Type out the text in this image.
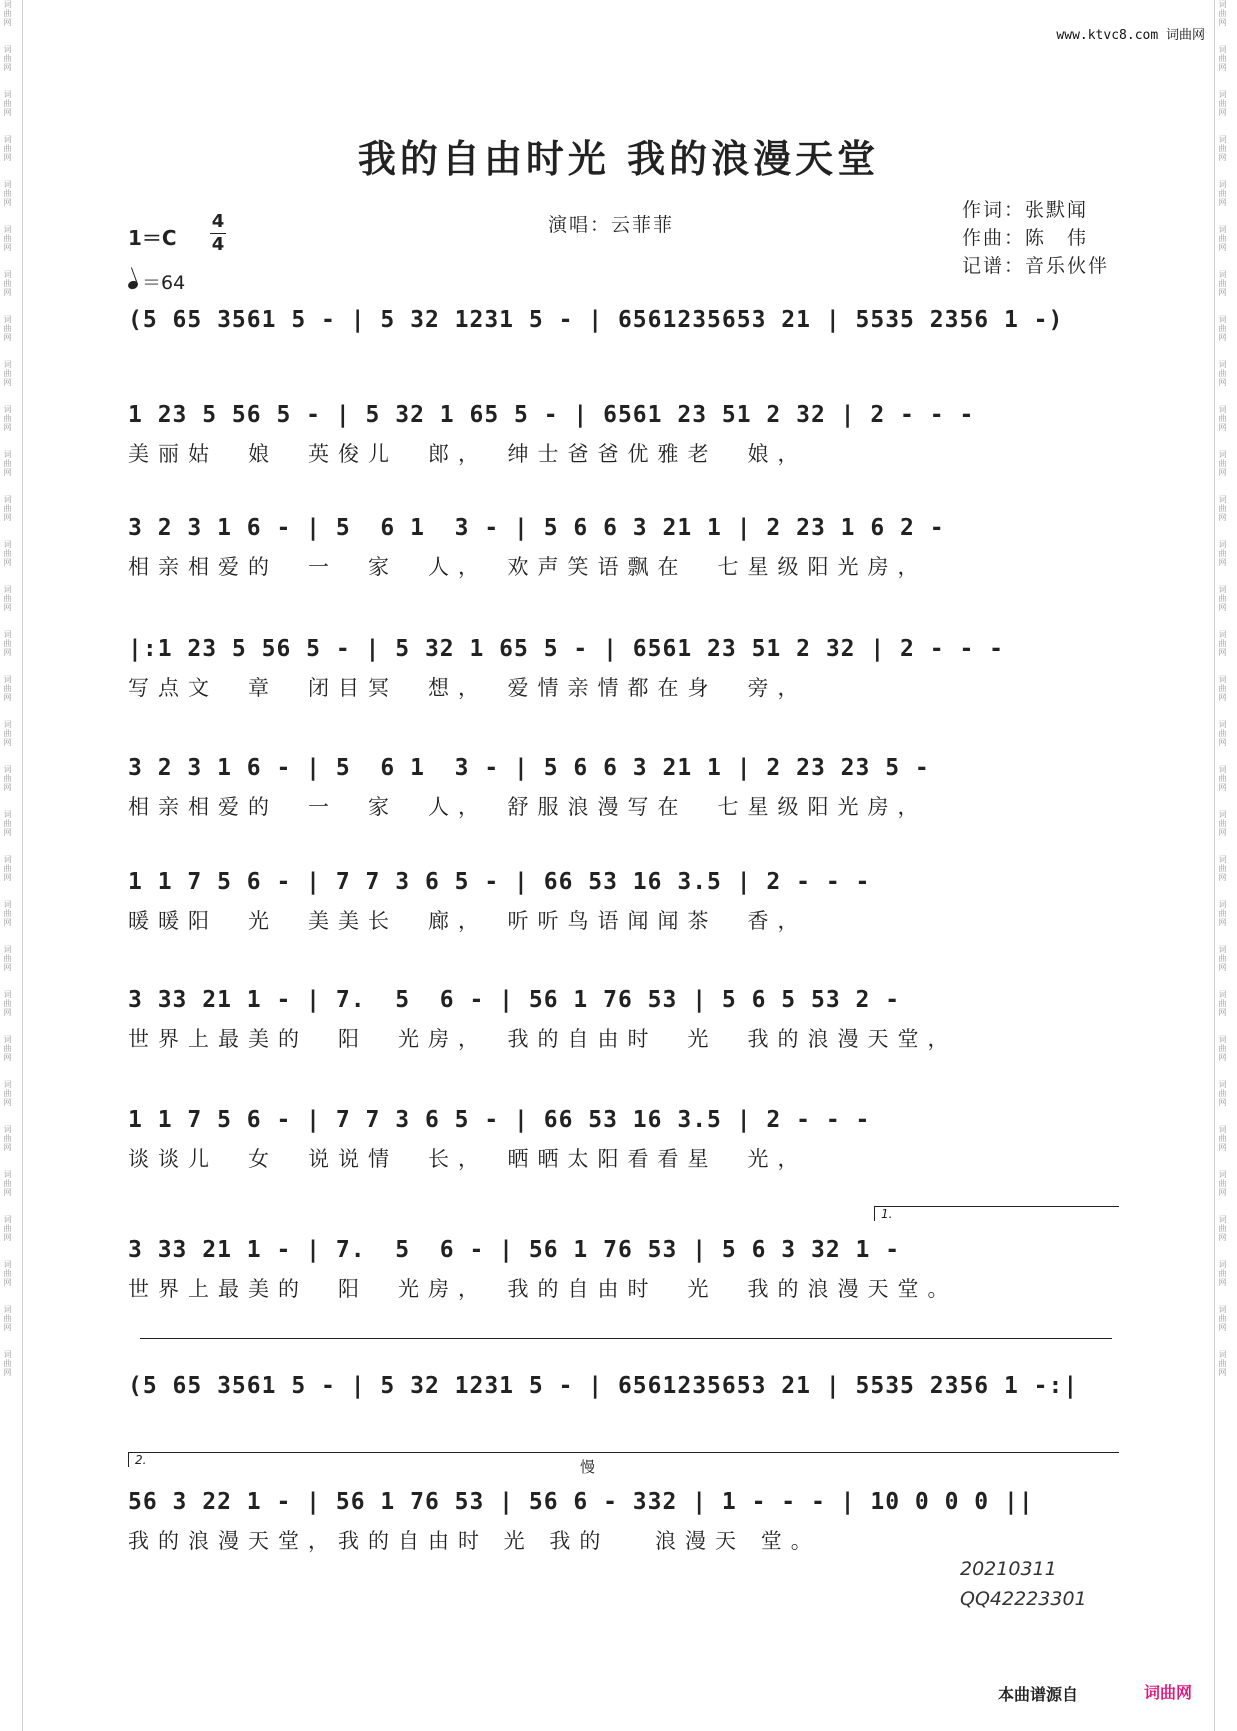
词曲网
词曲网
词曲网
词曲网
词曲网
词曲网
词曲网
词曲网
词曲网
词曲网
词曲网
词曲网
词曲网
词曲网
词曲网
词曲网
词曲网
词曲网
词曲网
词曲网
词曲网
词曲网
词曲网
词曲网
词曲网
词曲网
词曲网
词曲网
词曲网
词曲网
词曲网
词曲网
词曲网
词曲网
词曲网
词曲网
词曲网
词曲网
词曲网
词曲网
词曲网
词曲网
词曲网
词曲网
词曲网
词曲网
词曲网
词曲网
词曲网
词曲网
词曲网
词曲网
词曲网
词曲网
词曲网
词曲网
词曲网
词曲网
词曲网
词曲网
词曲网
词曲网
www.ktvc8.com 词曲网
我的自由时光 我的浪漫天堂
1＝C
4
4
＝64
演唱：云菲菲
作词：张默闻
作曲：陈　伟
记谱：音乐伙伴
(5 65 3561 5 - | 5 32 1231 5 - | 6561235653 21 | 5535 2356 1 -)
1 23 5 56 5 - | 5 32 1 65 5 - | 6561 23 51 2 32 | 2 - - -
美丽姑　娘　英俊儿　郎，　绅士爸爸优雅老　娘，
3 2 3 1 6 - | 5  6 1  3 - | 5 6 6 3 21 1 | 2 23 1 6 2 -
相亲相爱的　一　家　人，　欢声笑语飘在　七星级阳光房，
|:1 23 5 56 5 - | 5 32 1 65 5 - | 6561 23 51 2 32 | 2 - - -
写点文　章　闭目冥　想，　爱情亲情都在身　旁，
3 2 3 1 6 - | 5  6 1  3 - | 5 6 6 3 21 1 | 2 23 23 5 -
相亲相爱的　一　家　人，　舒服浪漫写在　七星级阳光房，
1 1 7 5 6 - | 7 7 3 6 5 - | 66 53 16 3.5 | 2 - - -
暖暖阳　光　美美长　廊，　听听鸟语闻闻茶　香，
3 33 21 1 - | 7.  5  6 - | 56 1 76 53 | 5 6 5 53 2 -
世界上最美的　阳　光房，　我的自由时　光　我的浪漫天堂，
1 1 7 5 6 - | 7 7 3 6 5 - | 66 53 16 3.5 | 2 - - -
谈谈儿　女　说说情　长，　晒晒太阳看看星　光，
1.
3 33 21 1 - | 7.  5  6 - | 56 1 76 53 | 5 6 3 32 1 -
世界上最美的　阳　光房，　我的自由时　光　我的浪漫天堂。
(5 65 3561 5 - | 5 32 1231 5 - | 6561235653 21 | 5535 2356 1 -:|
2.	慢
56 3 22 1 - | 56 1 76 53 | 56 6 - 332 | 1 - - - | 10 0 0 0 ||
我的浪漫天堂，我的自由时 光 我的　 浪漫天 堂。
20210311
QQ42223301
本曲谱源自	词曲网
